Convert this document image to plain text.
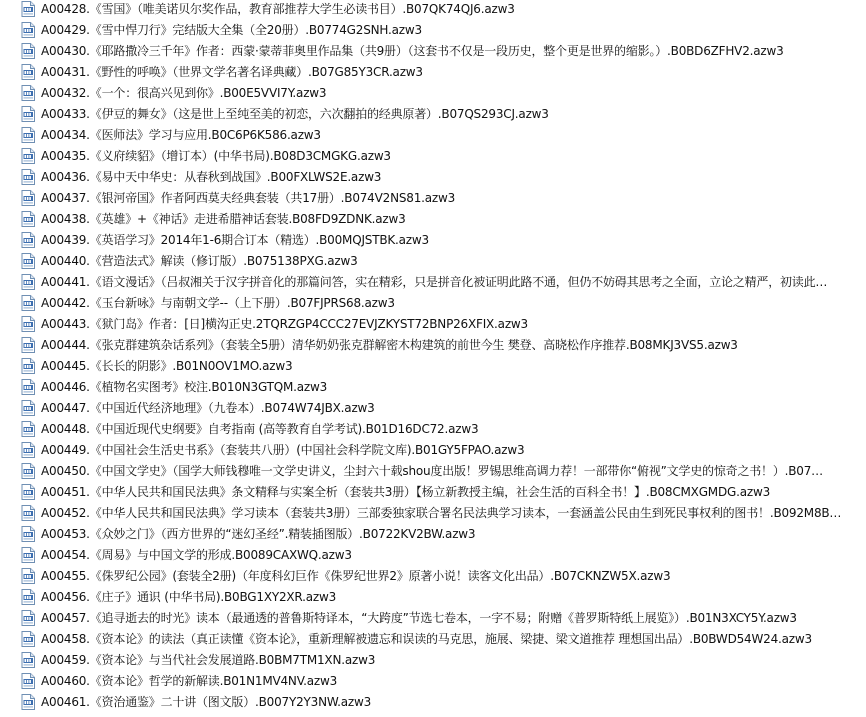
A00428.《雪国》（唯美诺贝尔奖作品，教育部推荐大学生必读书目）.B07QK74QJ6.azw3
A00429.《雪中悍刀行》完结版大全集（全20册）.B0774G2SNH.azw3
A00430.《耶路撒冷三千年》作者：西蒙·蒙蒂菲奥里作品集（共9册）（这套书不仅是一段历史，整个更是世界的缩影。）.B0BD6ZFHV2.azw3
A00431.《野性的呼唤》（世界文学名著名译典藏）.B07G85Y3CR.azw3
A00432.《一个：很高兴见到你》.B00E5VVI7Y.azw3
A00433.《伊豆的舞女》（这是世上至纯至美的初恋，六次翻拍的经典原著）.B07QS293CJ.azw3
A00434.《医师法》学习与应用.B0C6P6K586.azw3
A00435.《义府续貂》（增订本）(中华书局).B08D3CMGKG.azw3
A00436.《易中天中华史：从春秋到战国》.B00FXLWS2E.azw3
A00437.《银河帝国》作者阿西莫夫经典套装（共17册）.B074V2NS81.azw3
A00438.《英雄》+《神话》走进希腊神话套装.B08FD9ZDNK.azw3
A00439.《英语学习》2014年1-6期合订本（精选）.B00MQJSTBK.azw3
A00440.《营造法式》解读（修订版）.B075138PXG.azw3
A00441.《语文漫话》（吕叔湘关于汉字拼音化的那篇问答，实在精彩，只是拼音化被证明此路不通，但仍不妨碍其思考之全面，立论之精严，初读此…
A00442.《玉台新咏》与南朝文学--（上下册）.B07FJPRS68.azw3
A00443.《狱门岛》作者：[日]横沟正史.2TQRZGP4CCC27EVJZKYST72BNP26XFIX.azw3
A00444.《张克群建筑杂话系列》（套装全5册）清华奶奶张克群解密木构建筑的前世今生 樊登、高晓松作序推荐.B08MKJ3VS5.azw3
A00445.《长长的阴影》.B01N0OV1MO.azw3
A00446.《植物名实图考》校注.B010N3GTQM.azw3
A00447.《中国近代经济地理》（九卷本）.B074W74JBX.azw3
A00448.《中国近现代史纲要》自考指南 (高等教育自学考试).B01D16DC72.azw3
A00449.《中国社会生活史书系》（套装共八册）(中国社会科学院文库).B01GY5FPAO.azw3
A00450.《中国文学史》（国学大师钱穆唯一文学史讲义，尘封六十载shou度出版！罗锡思维高调力荐！一部带你“俯视”文学史的惊奇之书！）.B07…
A00451.《中华人民共和国民法典》条文精释与实案全析（套装共3册）【杨立新教授主编，社会生活的百科全书！】.B08CMXGMDG.azw3
A00452.《中华人民共和国民法典》学习读本（套装共3册）三部委独家联合署名民法典学习读本，一套涵盖公民由生到死民事权利的图书！.B092M8B…
A00453.《众妙之门》（西方世界的“迷幻圣经”.精装插图版）.B0722KV2BW.azw3
A00454.《周易》与中国文学的形成.B0089CAXWQ.azw3
A00455.《侏罗纪公园》(套装全2册)（年度科幻巨作《侏罗纪世界2》原著小说！读客文化出品）.B07CKNZW5X.azw3
A00456.《庄子》通识 (中华书局).B0BG1XY2XR.azw3
A00457.《追寻逝去的时光》读本（最通透的普鲁斯特译本，“大跨度”节选七卷本，一字不易；附赠《普罗斯特纸上展览》）.B01N3XCY5Y.azw3
A00458.《资本论》的读法（真正读懂《资本论》，重新理解被遗忘和误读的马克思，施展、梁捷、梁文道推荐 理想国出品）.B0BWD54W24.azw3
A00459.《资本论》与当代社会发展道路.B0BM7TM1XN.azw3
A00460.《资本论》哲学的新解读.B01N1MV4NV.azw3
A00461.《资治通鉴》二十讲（图文版）.B007Y2Y3NW.azw3
